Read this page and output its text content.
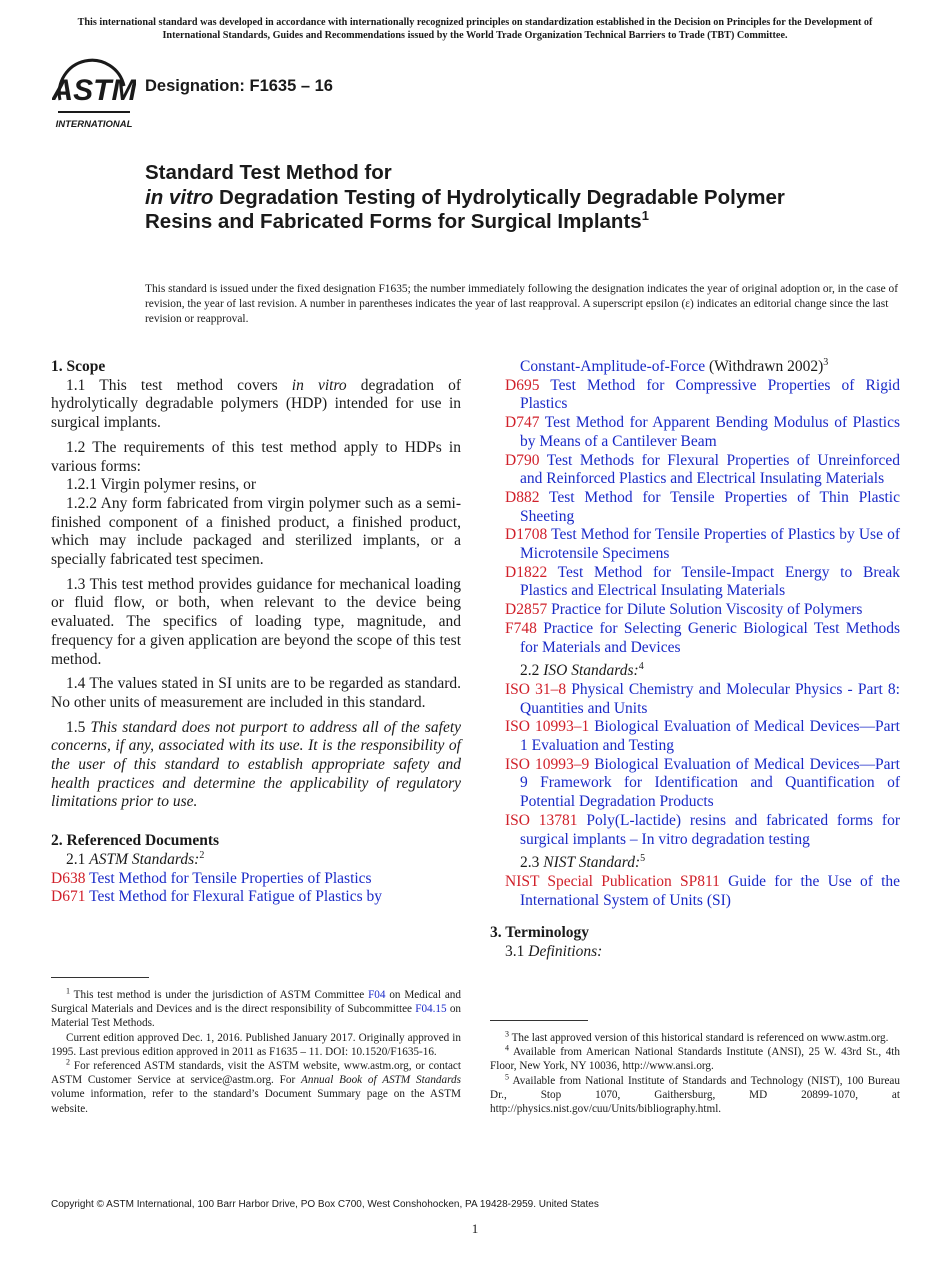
This international standard was developed in accordance with internationally recognized principles on standardization established in the Decision on Principles for the Development of International Standards, Guides and Recommendations issued by the World Trade Organization Technical Barriers to Trade (TBT) Committee.
ASTM
INTERNATIONAL
Designation: F1635 – 16
Standard Test Method for
in vitro Degradation Testing of Hydrolytically Degradable Polymer Resins and Fabricated Forms for Surgical Implants$^1$
This standard is issued under the fixed designation F1635; the number immediately following the designation indicates the year of original adoption or, in the case of revision, the year of last revision. A number in parentheses indicates the year of last reapproval. A superscript epsilon (ε) indicates an editorial change since the last revision or reapproval.

1. Scope

1.1 This test method covers in vitro degradation of hydrolytically degradable polymers (HDP) intended for use in surgical implants.

1.2 The requirements of this test method apply to HDPs in various forms:

1.2.1 Virgin polymer resins, or

1.2.2 Any form fabricated from virgin polymer such as a semi-finished component of a finished product, a finished product, which may include packaged and sterilized implants, or a specially fabricated test specimen.

1.3 This test method provides guidance for mechanical loading or fluid flow, or both, when relevant to the device being evaluated. The specifics of loading type, magnitude, and frequency for a given application are beyond the scope of this test method.

1.4 The values stated in SI units are to be regarded as standard. No other units of measurement are included in this standard.

1.5 This standard does not purport to address all of the safety concerns, if any, associated with its use. It is the responsibility of the user of this standard to establish appropriate safety and health practices and determine the applicability of regulatory limitations prior to use.

2. Referenced Documents

2.1 ASTM Standards:$^2$

D638 Test Method for Tensile Properties of Plastics

D671 Test Method for Flexural Fatigue of Plastics by

Constant-Amplitude-of-Force (Withdrawn 2002)$^3$

D695 Test Method for Compressive Properties of Rigid Plastics

D747 Test Method for Apparent Bending Modulus of Plastics by Means of a Cantilever Beam

D790 Test Methods for Flexural Properties of Unreinforced and Reinforced Plastics and Electrical Insulating Materials

D882 Test Method for Tensile Properties of Thin Plastic Sheeting

D1708 Test Method for Tensile Properties of Plastics by Use of Microtensile Specimens

D1822 Test Method for Tensile-Impact Energy to Break Plastics and Electrical Insulating Materials

D2857 Practice for Dilute Solution Viscosity of Polymers

F748 Practice for Selecting Generic Biological Test Methods for Materials and Devices

2.2 ISO Standards:$^4$

ISO 31–8 Physical Chemistry and Molecular Physics - Part 8: Quantities and Units

ISO 10993–1 Biological Evaluation of Medical Devices—Part 1 Evaluation and Testing

ISO 10993–9 Biological Evaluation of Medical Devices—Part 9 Framework for Identification and Quantification of Potential Degradation Products

ISO 13781 Poly(L-lactide) resins and fabricated forms for surgical implants – In vitro degradation testing

2.3 NIST Standard:$^5$

NIST Special Publication SP811 Guide for the Use of the International System of Units (SI)

3. Terminology

3.1 Definitions:

$^1$ This test method is under the jurisdiction of ASTM Committee F04 on Medical and Surgical Materials and Devices and is the direct responsibility of Subcommittee F04.15 on Material Test Methods.

Current edition approved Dec. 1, 2016. Published January 2017. Originally approved in 1995. Last previous edition approved in 2011 as F1635 – 11. DOI: 10.1520/F1635-16.

$^2$ For referenced ASTM standards, visit the ASTM website, www.astm.org, or contact ASTM Customer Service at service@astm.org. For Annual Book of ASTM Standards volume information, refer to the standard’s Document Summary page on the ASTM website.

$^3$ The last approved version of this historical standard is referenced on www.astm.org.

$^4$ Available from American National Standards Institute (ANSI), 25 W. 43rd St., 4th Floor, New York, NY 10036, http://www.ansi.org.

$^5$ Available from National Institute of Standards and Technology (NIST), 100 Bureau Dr., Stop 1070, Gaithersburg, MD 20899-1070, at http://physics.nist.gov/cuu/Units/bibliography.html.

Copyright © ASTM International, 100 Barr Harbor Drive, PO Box C700, West Conshohocken, PA 19428-2959. United States
1
